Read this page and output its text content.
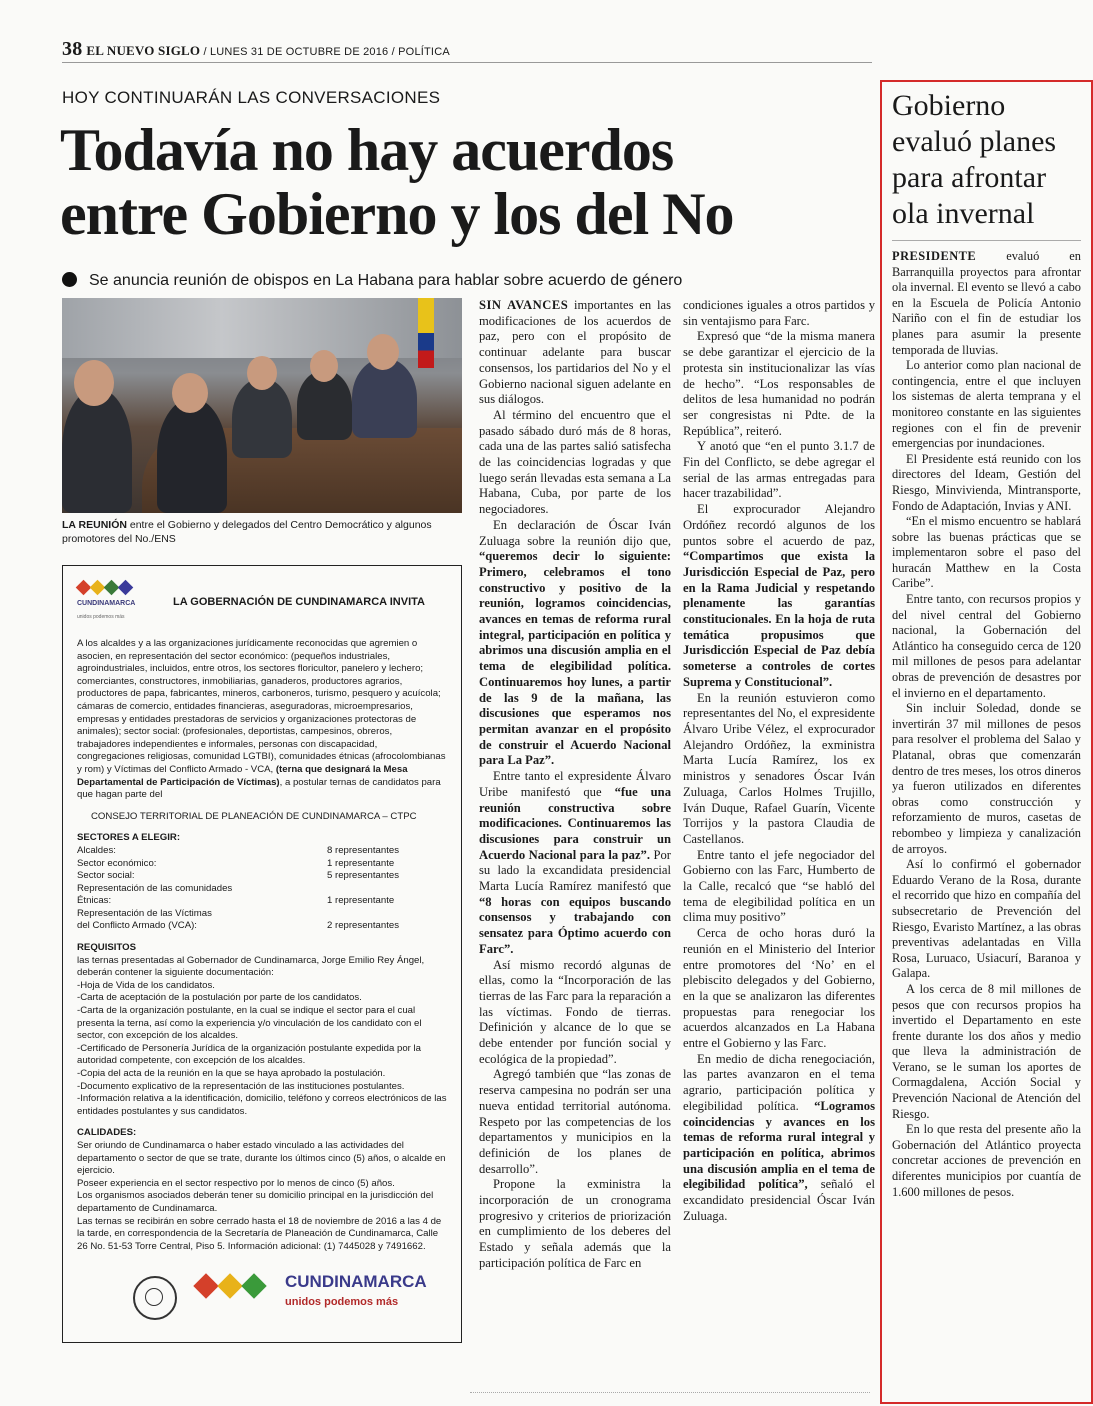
38 EL NUEVO SIGLO / LUNES 31 DE OCTUBRE DE 2016 / POLÍTICA
HOY CONTINUARÁN LAS CONVERSACIONES
Todavía no hay acuerdos
entre Gobierno y los del No
Se anuncia reunión de obispos en La Habana para hablar sobre acuerdo de género
LA REUNIÓN entre el Gobierno y delegados del Centro Democrático y algunos promotores del No./ENS
CUNDINAMARCA
unidos podemos más
LA GOBERNACIÓN DE CUNDINAMARCA INVITA

A los alcaldes y a las organizaciones jurídicamente reconocidas que agremien o asocien, en representación del sector económico: (pequeños industriales, agroindustriales, incluidos, entre otros, los sectores floricultor, panelero y lechero; comerciantes, constructores, inmobiliarias, ganaderos, productores agrarios, productores de papa, fabricantes, mineros, carboneros, turismo, pesquero y acuícola; cámaras de comercio, entidades financieras, aseguradoras, microempresarios, empresas y entidades prestadoras de servicios y organizaciones protectoras de animales); sector social: (profesionales, deportistas, campesinos, obreros, trabajadores independientes e informales, personas con discapacidad, congregaciones religiosas, comunidad LGTBI), comunidades étnicas (afrocolombianas y rom) y Víctimas del Conflicto Armado - VCA, (terna que designará la Mesa Departamental de Participación de Víctimas), a postular ternas de candidatos para que hagan parte del

CONSEJO TERRITORIAL DE PLANEACIÓN DE CUNDINAMARCA – CTPC

SECTORES A ELEGIR:
Alcaldes:	8 representantes
Sector económico:	1 representante
Sector social:	5 representantes
Representación de las comunidades
Étnicas:	1 representante
Representación de las Víctimas
del Conflicto Armado (VCA):	2 representantes
REQUISITOS
las ternas presentadas al Gobernador de Cundinamarca, Jorge Emilio Rey Ángel, deberán contener la siguiente documentación:
-Hoja de Vida de los candidatos.
-Carta de aceptación de la postulación por parte de los candidatos.
-Carta de la organización postulante, en la cual se indique el sector para el cual presenta la terna, así como la experiencia y/o vinculación de los candidato con el sector, con excepción de los alcaldes.
-Certificado de Personería Jurídica de la organización postulante expedida por la autoridad competente, con excepción de los alcaldes.
-Copia del acta de la reunión en la que se haya aprobado la postulación.
-Documento explicativo de la representación de las instituciones postulantes.
-Información relativa a la identificación, domicilio, teléfono y correos electrónicos de las entidades postulantes y sus candidatos.
CALIDADES:
Ser oriundo de Cundinamarca o haber estado vinculado a las actividades del departamento o sector de que se trate, durante los últimos cinco (5) años, o alcalde en ejercicio.
Poseer experiencia en el sector respectivo por lo menos de cinco (5) años.
Los organismos asociados deberán tener su domicilio principal en la jurisdicción del departamento de Cundinamarca.
Las ternas se recibirán en sobre cerrado hasta el 18 de noviembre de 2016 a las 4 de la tarde, en correspondencia de la Secretaría de Planeación de Cundinamarca, Calle 26 No. 51-53 Torre Central, Piso 5. Información adicional: (1) 7445028 y 7491662.
CUNDINAMARCA
unidos podemos más

SIN AVANCES importantes en las modificaciones de los acuerdos de paz, pero con el propósito de continuar adelante para buscar consensos, los partidarios del No y el Gobierno nacional siguen adelante en sus diálogos.

Al término del encuentro que el pasado sábado duró más de 8 horas, cada una de las partes salió satisfecha de las coincidencias logradas y que luego serán llevadas esta semana a La Habana, Cuba, por parte de los negociadores.

En declaración de Óscar Iván Zuluaga sobre la reunión dijo que, “queremos decir lo siguiente: Primero, celebramos el tono constructivo y positivo de la reunión, logramos coincidencias, avances en temas de reforma rural integral, participación en política y abrimos una discusión amplia en el tema de elegibilidad política. Continuaremos hoy lunes, a partir de las 9 de la mañana, las discusiones que esperamos nos permitan avanzar en el propósito de construir el Acuerdo Nacional para La Paz”.

Entre tanto el expresidente Álvaro Uribe manifestó que “fue una reunión constructiva sobre modificaciones. Continuaremos las discusiones para construir un Acuerdo Nacional para la paz”. Por su lado la excandidata presidencial Marta Lucía Ramírez manifestó que “8 horas con equipos buscando consensos y trabajando con sensatez para Óptimo acuerdo con Farc”.

Así mismo recordó algunas de ellas, como la “Incorporación de las tierras de las Farc para la reparación a las víctimas. Fondo de tierras. Definición y alcance de lo que se debe entender por función social y ecológica de la propiedad”.

Agregó también que “las zonas de reserva campesina no podrán ser una nueva entidad territorial autónoma. Respeto por las competencias de los departamentos y municipios en la definición de los planes de desarrollo”.

Propone la exministra la incorporación de un cronograma progresivo y criterios de priorización en cumplimiento de los deberes del Estado y señala además que la participación política de Farc en

condiciones iguales a otros partidos y sin ventajismo para Farc.

Expresó que “de la misma manera se debe garantizar el ejercicio de la protesta sin institucionalizar las vías de hecho”. “Los responsables de delitos de lesa humanidad no podrán ser congresistas ni Pdte. de la República”, reiteró.

Y anotó que “en el punto 3.1.7 de Fin del Conflicto, se debe agregar el serial de las armas entregadas para hacer trazabilidad”.

El exprocurador Alejandro Ordóñez recordó algunos de los puntos sobre el acuerdo de paz, “Compartimos que exista la Jurisdicción Especial de Paz, pero en la Rama Judicial y respetando plenamente las garantías constitucionales. En la hoja de ruta temática propusimos que Jurisdicción Especial de Paz debía someterse a controles de cortes Suprema y Constitucional”.

En la reunión estuvieron como representantes del No, el expresidente Álvaro Uribe Vélez, el exprocurador Alejandro Ordóñez, la exministra Marta Lucía Ramírez, los ex ministros y senadores Óscar Iván Zuluaga, Carlos Holmes Trujillo, Iván Duque, Rafael Guarín, Vicente Torrijos y la pastora Claudia de Castellanos.

Entre tanto el jefe negociador del Gobierno con las Farc, Humberto de la Calle, recalcó que “se habló del tema de elegibilidad política en un clima muy positivo”

Cerca de ocho horas duró la reunión en el Ministerio del Interior entre promotores del ‘No’ en el plebiscito delegados y del Gobierno, en la que se analizaron las diferentes propuestas para renegociar los acuerdos alcanzados en La Habana entre el Gobierno y las Farc.

En medio de dicha renegociación, las partes avanzaron en el tema agrario, participación política y elegibilidad política. “Logramos coincidencias y avances en los temas de reforma rural integral y participación en política, abrimos una discusión amplia en el tema de elegibilidad política”, señaló el excandidato presidencial Óscar Iván Zuluaga.

Gobierno evaluó planes para afrontar ola invernal

PRESIDENTE evaluó en Barranquilla proyectos para afrontar ola invernal. El evento se llevó a cabo en la Escuela de Policía Antonio Nariño con el fin de estudiar los planes para asumir la presente temporada de lluvias.

Lo anterior como plan nacional de contingencia, entre el que incluyen los sistemas de alerta temprana y el monitoreo constante en las siguientes regiones con el fin de prevenir emergencias por inundaciones.

El Presidente está reunido con los directores del Ideam, Gestión del Riesgo, Minvivienda, Mintransporte, Fondo de Adaptación, Invias y ANI.

“En el mismo encuentro se hablará sobre las buenas prácticas que se implementaron sobre el paso del huracán Matthew en la Costa Caribe”.

Entre tanto, con recursos propios y del nivel central del Gobierno nacional, la Gobernación del Atlántico ha conseguido cerca de 120 mil millones de pesos para adelantar obras de prevención de desastres por el invierno en el departamento.

Sin incluir Soledad, donde se invertirán 37 mil millones de pesos para resolver el problema del Salao y Platanal, obras que comenzarán dentro de tres meses, los otros dineros ya fueron utilizados en diferentes obras como construcción y reforzamiento de muros, casetas de rebombeo y limpieza y canalización de arroyos.

Así lo confirmó el gobernador Eduardo Verano de la Rosa, durante el recorrido que hizo en compañía del subsecretario de Prevención del Riesgo, Evaristo Martínez, a las obras preventivas adelantadas en Villa Rosa, Luruaco, Usiacurí, Baranoa y Galapa.

A los cerca de 8 mil millones de pesos que con recursos propios ha invertido el Departamento en este frente durante los dos años y medio que lleva la administración de Verano, se le suman los aportes de Cormagdalena, Acción Social y Prevención Nacional de Atención del Riesgo.

En lo que resta del presente año la Gobernación del Atlántico proyecta concretar acciones de prevención en diferentes municipios por cuantía de 1.600 millones de pesos.
